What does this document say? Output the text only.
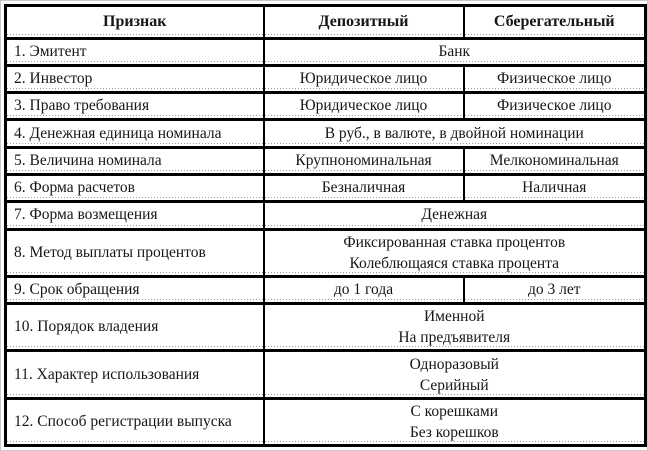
Признак	Депозитный	Сберегательный
1. Эмитент	Банк	
2. Инвестор	Юридическое лицо	Физическое лицо
3. Право требования	Юридическое лицо	Физическое лицо
4. Денежная единица номинала	В руб., в валюте, в двойной номинации	
5. Величина номинала	Крупнономинальная	Мелкономинальная
6. Форма расчетов	Безналичная	Наличная
7. Форма возмещения	Денежная	
8. Метод выплаты процентов	Фиксированная ставка процентов
Колеблющаяся ставка процента	

9. Срок обращения	до 1 года	до 3 лет
10. Порядок владения	Именной
На предъявителя	

11. Характер использования	Одноразовый
Серийный	

12. Способ регистрации выпуска	С корешками
Без корешков	
